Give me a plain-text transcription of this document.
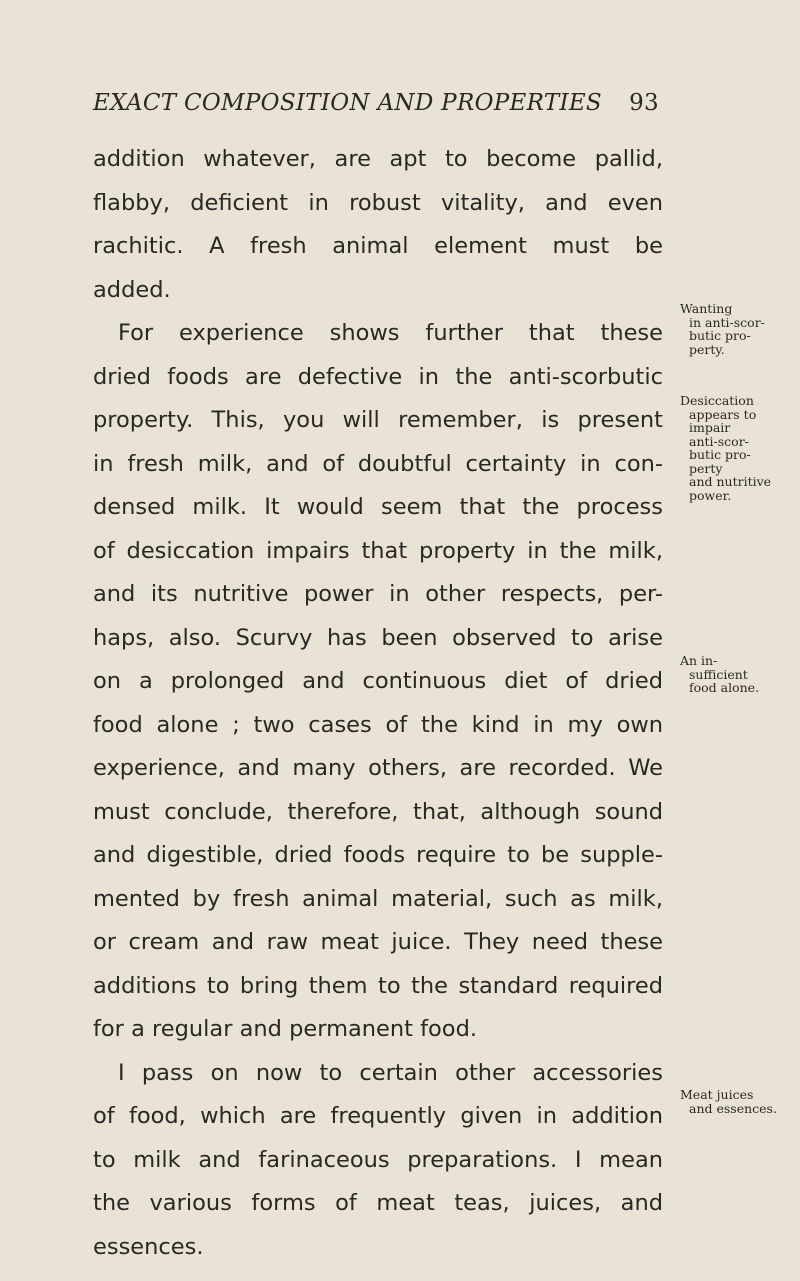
EXACT COMPOSITION AND PROPERTIES 93
addition whatever, are apt to become pallid,
flabby, deficient in robust vitality, and even
rachitic. A fresh animal element must be
added.
For experience shows further that these
dried foods are defective in the anti-scorbutic
property. This, you will remember, is present
in fresh milk, and of doubtful certainty in con-
densed milk. It would seem that the process
of desiccation impairs that property in the milk,
and its nutritive power in other respects, per-
haps, also. Scurvy has been observed to arise
on a prolonged and continuous diet of dried
food alone ; two cases of the kind in my own
experience, and many others, are recorded. We
must conclude, therefore, that, although sound
and digestible, dried foods require to be supple-
mented by fresh animal material, such as milk,
or cream and raw meat juice. They need these
additions to bring them to the standard required
for a regular and permanent food.
I pass on now to certain other accessories
of food, which are frequently given in addition
to milk and farinaceous preparations. I mean
the various forms of meat teas, juices, and
essences.
Wanting
in anti-scor-
butic pro-
perty.
Desiccation
appears to
impair
anti-scor-
butic pro-
perty
and nutritive
power.
An in-
sufficient
food alone.
Meat juices
and essences.
